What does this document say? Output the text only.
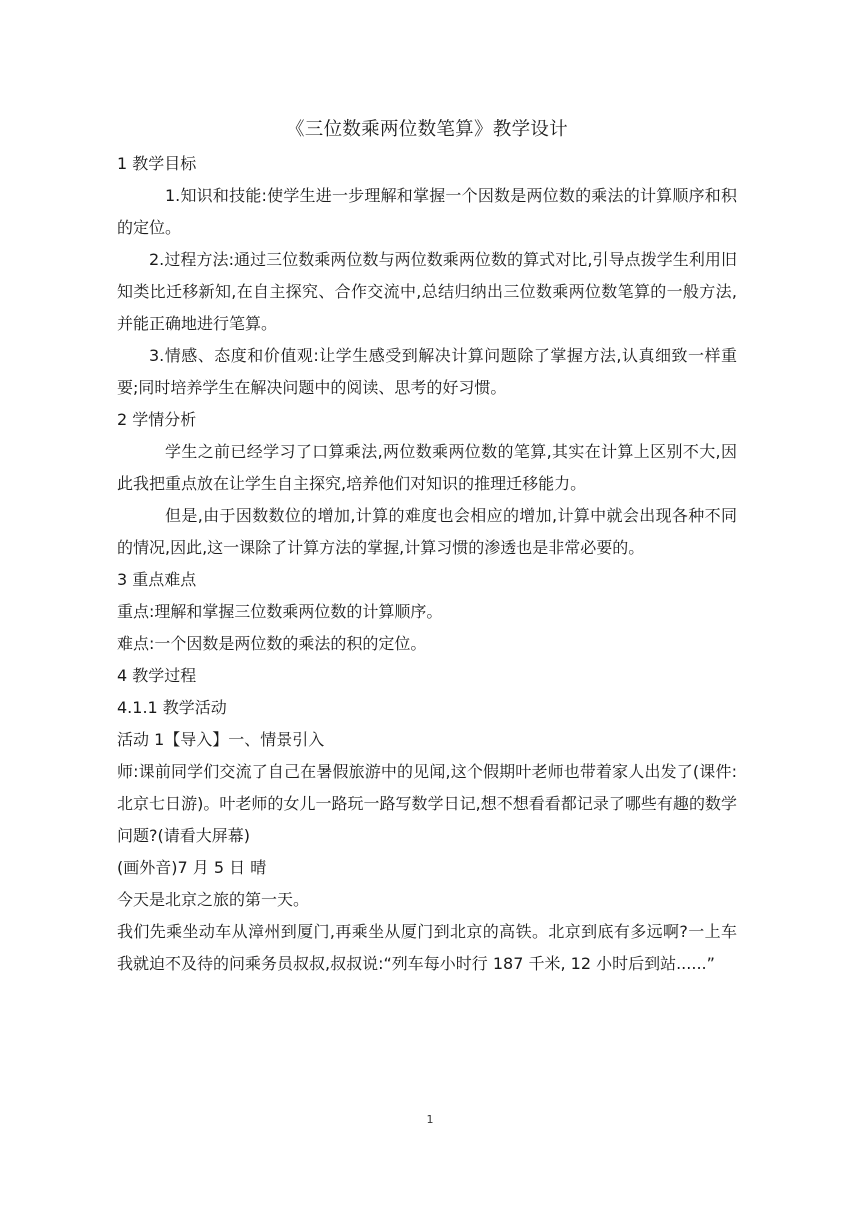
《三位数乘两位数笔算》教学设计

1 教学目标

1.知识和技能:使学生进一步理解和掌握一个因数是两位数的乘法的计算顺序和积的定位。

2.过程方法:通过三位数乘两位数与两位数乘两位数的算式对比,引导点拨学生利用旧知类比迁移新知,在自主探究、合作交流中,总结归纳出三位数乘两位数笔算的一般方法,并能正确地进行笔算。

3.情感、态度和价值观:让学生感受到解决计算问题除了掌握方法,认真细致一样重要;同时培养学生在解决问题中的阅读、思考的好习惯。

2 学情分析

学生之前已经学习了口算乘法,两位数乘两位数的笔算,其实在计算上区别不大,因此我把重点放在让学生自主探究,培养他们对知识的推理迁移能力。

但是,由于因数数位的增加,计算的难度也会相应的增加,计算中就会出现各种不同的情况,因此,这一课除了计算方法的掌握,计算习惯的渗透也是非常必要的。

3 重点难点

重点:理解和掌握三位数乘两位数的计算顺序。

难点:一个因数是两位数的乘法的积的定位。

4 教学过程

4.1.1 教学活动

活动 1【导入】一、情景引入

师:课前同学们交流了自己在暑假旅游中的见闻,这个假期叶老师也带着家人出发了(课件:北京七日游)。叶老师的女儿一路玩一路写数学日记,想不想看看都记录了哪些有趣的数学问题?(请看大屏幕)

(画外音)7 月 5 日 晴

今天是北京之旅的第一天。

我们先乘坐动车从漳州到厦门,再乘坐从厦门到北京的高铁。北京到底有多远啊?一上车我就迫不及待的问乘务员叔叔,叔叔说:“列车每小时行 187 千米, 12 小时后到站......”

1
